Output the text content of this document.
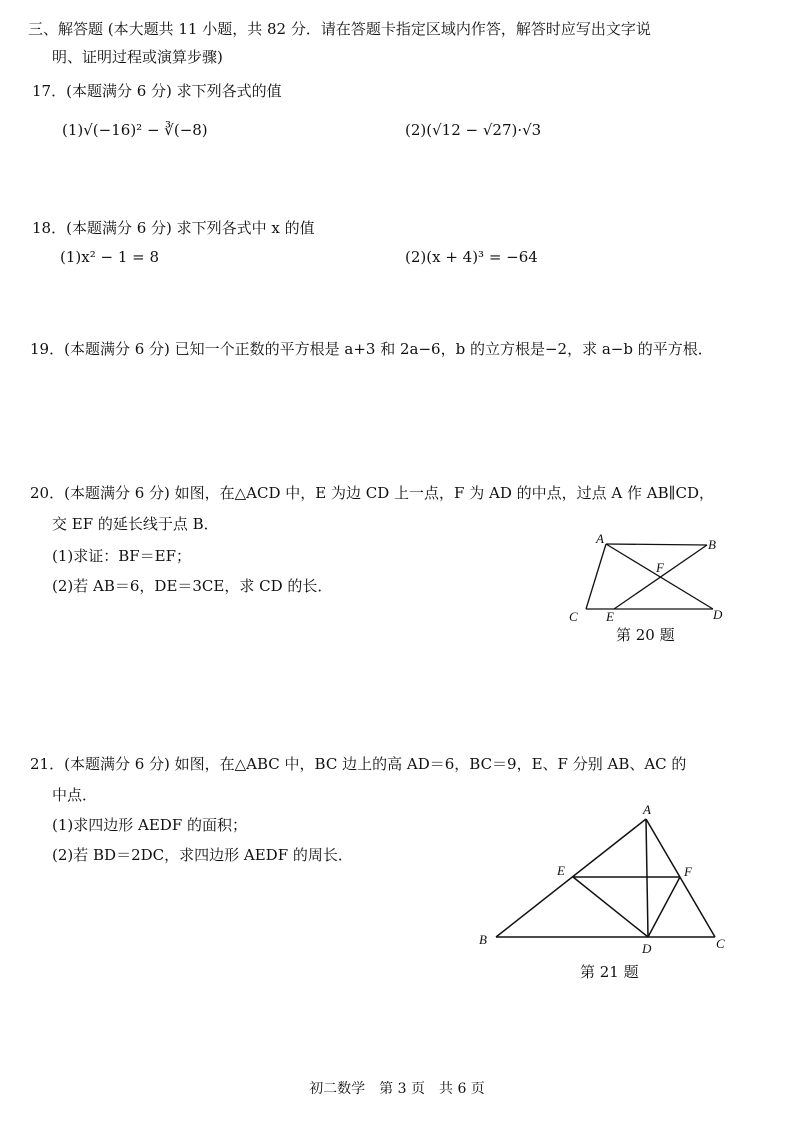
三、解答题 (本大题共 11 小题，共 82 分．请在答题卡指定区域内作答，解答时应写出文字说
明、证明过程或演算步骤)
17．(本题满分 6 分) 求下列各式的值
(1)√(−16)² − ∛(−8)	(2)(√12 − √27)·√3
18．(本题满分 6 分) 求下列各式中 x 的值
(1)x² − 1 = 8	(2)(x + 4)³ = −64
19．(本题满分 6 分) 已知一个正数的平方根是 a+3 和 2a−6，b 的立方根是−2，求 a−b 的平方根．
20．(本题满分 6 分) 如图，在△ACD 中，E 为边 CD 上一点，F 为 AD 的中点，过点 A 作 AB∥CD，
交 EF 的延长线于点 B．
(1)求证：BF＝EF；
(2)若 AB＝6，DE＝3CE，求 CD 的长．
A	B
C	D
E
F
第 20 题
21．(本题满分 6 分) 如图，在△ABC 中，BC 边上的高 AD＝6，BC＝9，E、F 分别 AB、AC 的
中点．
(1)求四边形 AEDF 的面积；
(2)若 BD＝2DC，求四边形 AEDF 的周长．
A
B	C
D
E	F
第 21 题
初二数学　第 3 页　共 6 页
